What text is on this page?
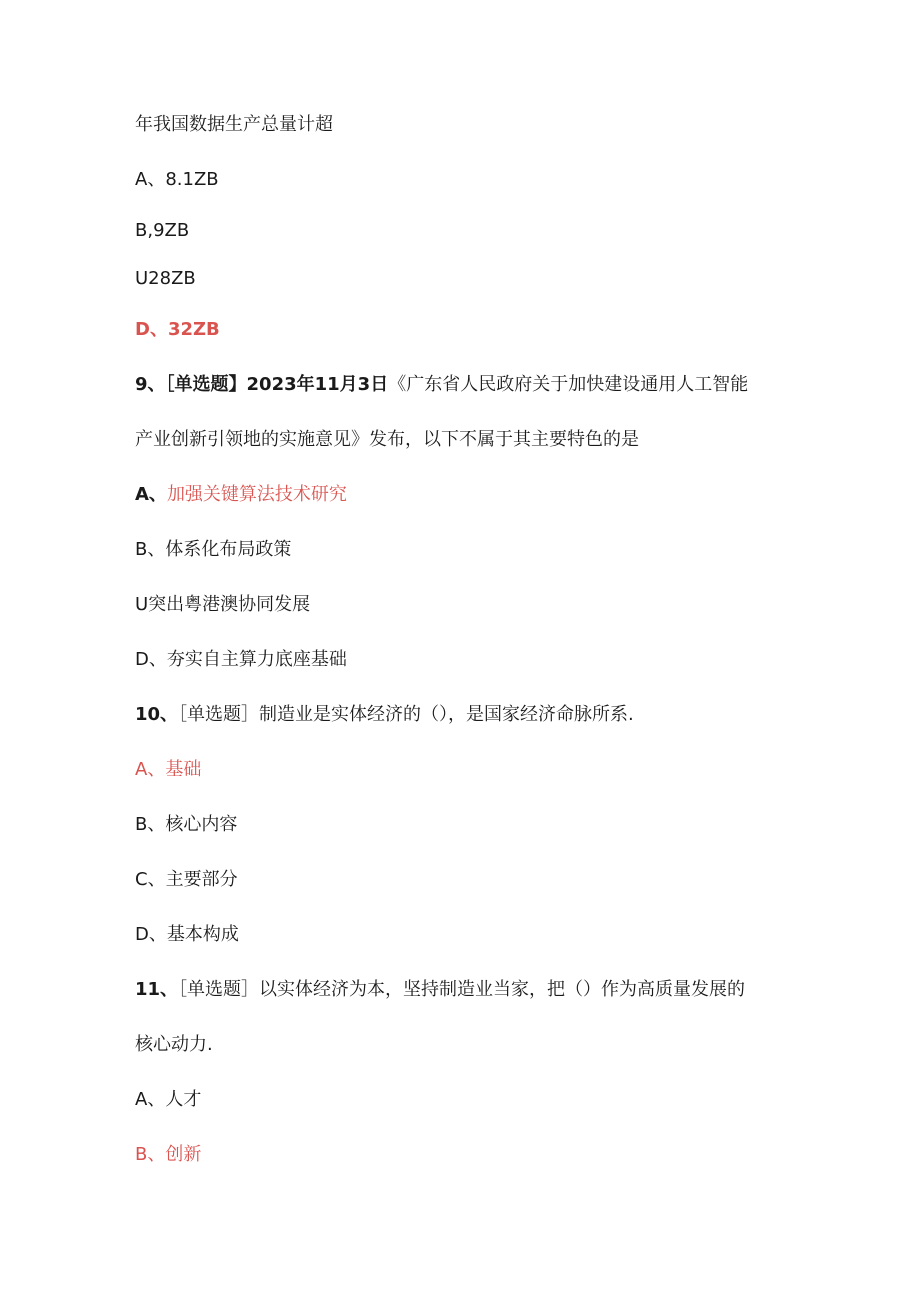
年我国数据生产总量计超
A、8.1ZB
B,9ZB
U28ZB
D、32ZB
9、［单选题】2023年11月3日《广东省人民政府关于加快建设通用人工智能
产业创新引领地的实施意见》发布，以下不属于其主要特色的是
A、加强关键算法技术研究
B、体系化布局政策
U突出粤港澳协同发展
D、夯实自主算力底座基础
10、［单选题］制造业是实体经济的（），是国家经济命脉所系.
A、基础
B、核心内容
C、主要部分
D、基本构成
11、［单选题］以实体经济为本，坚持制造业当家，把（）作为高质量发展的
核心动力.
A、人才
B、创新
